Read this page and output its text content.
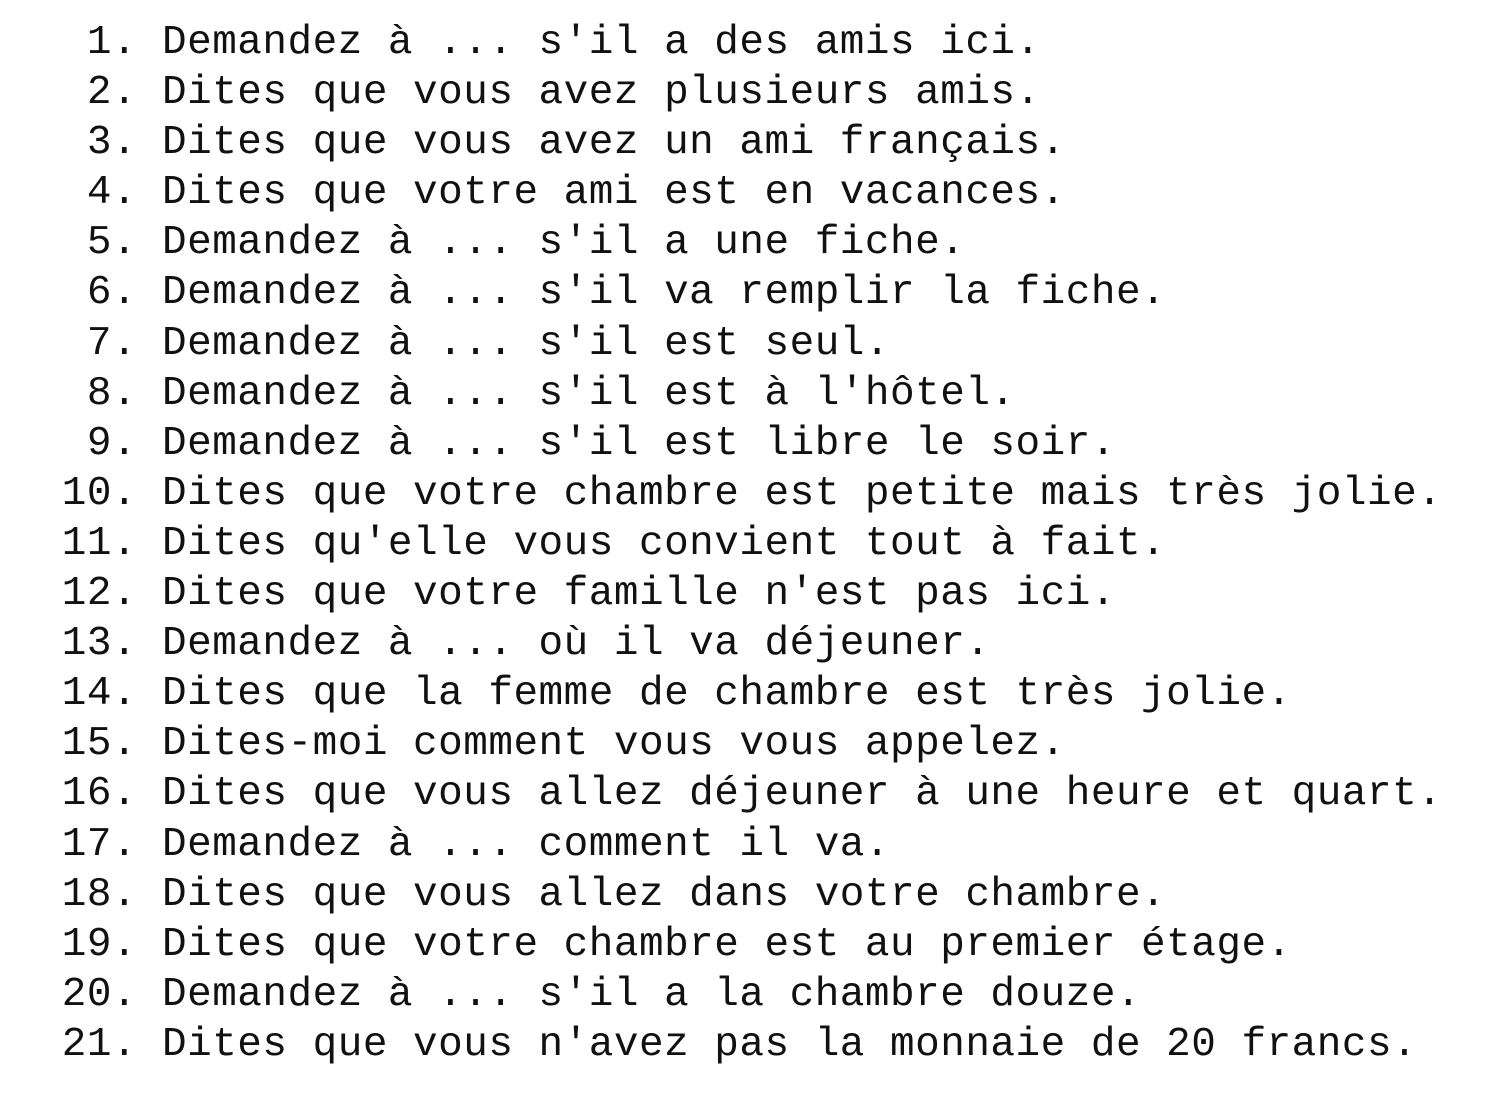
1 . Demandez à ... s'il a des amis ici.
2 . Dites que vous avez plusieurs amis.
3 . Dites que vous avez un ami français.
4 . Dites que votre ami est en vacances.
5 . Demandez à ... s'il a une fiche.
6 . Demandez à ... s'il va remplir la fiche.
7 . Demandez à ... s'il est seul.
8 . Demandez à ... s'il est à l'hôtel.
9 . Demandez à ... s'il est libre le soir.
10 . Dites que votre chambre est petite mais très jolie.
11 . Dites qu'elle vous convient tout à fait.
12 . Dites que votre famille n'est pas ici.
13 . Demandez à ... où il va déjeuner.
14 . Dites que la femme de chambre est très jolie.
15 . Dites-moi comment vous vous appelez.
16 . Dites que vous allez déjeuner à une heure et quart.
17 . Demandez à ... comment il va.
18 . Dites que vous allez dans votre chambre.
19 . Dites que votre chambre est au premier étage.
20 . Demandez à ... s'il a la chambre douze.
21 . Dites que vous n'avez pas la monnaie de 20 francs.
